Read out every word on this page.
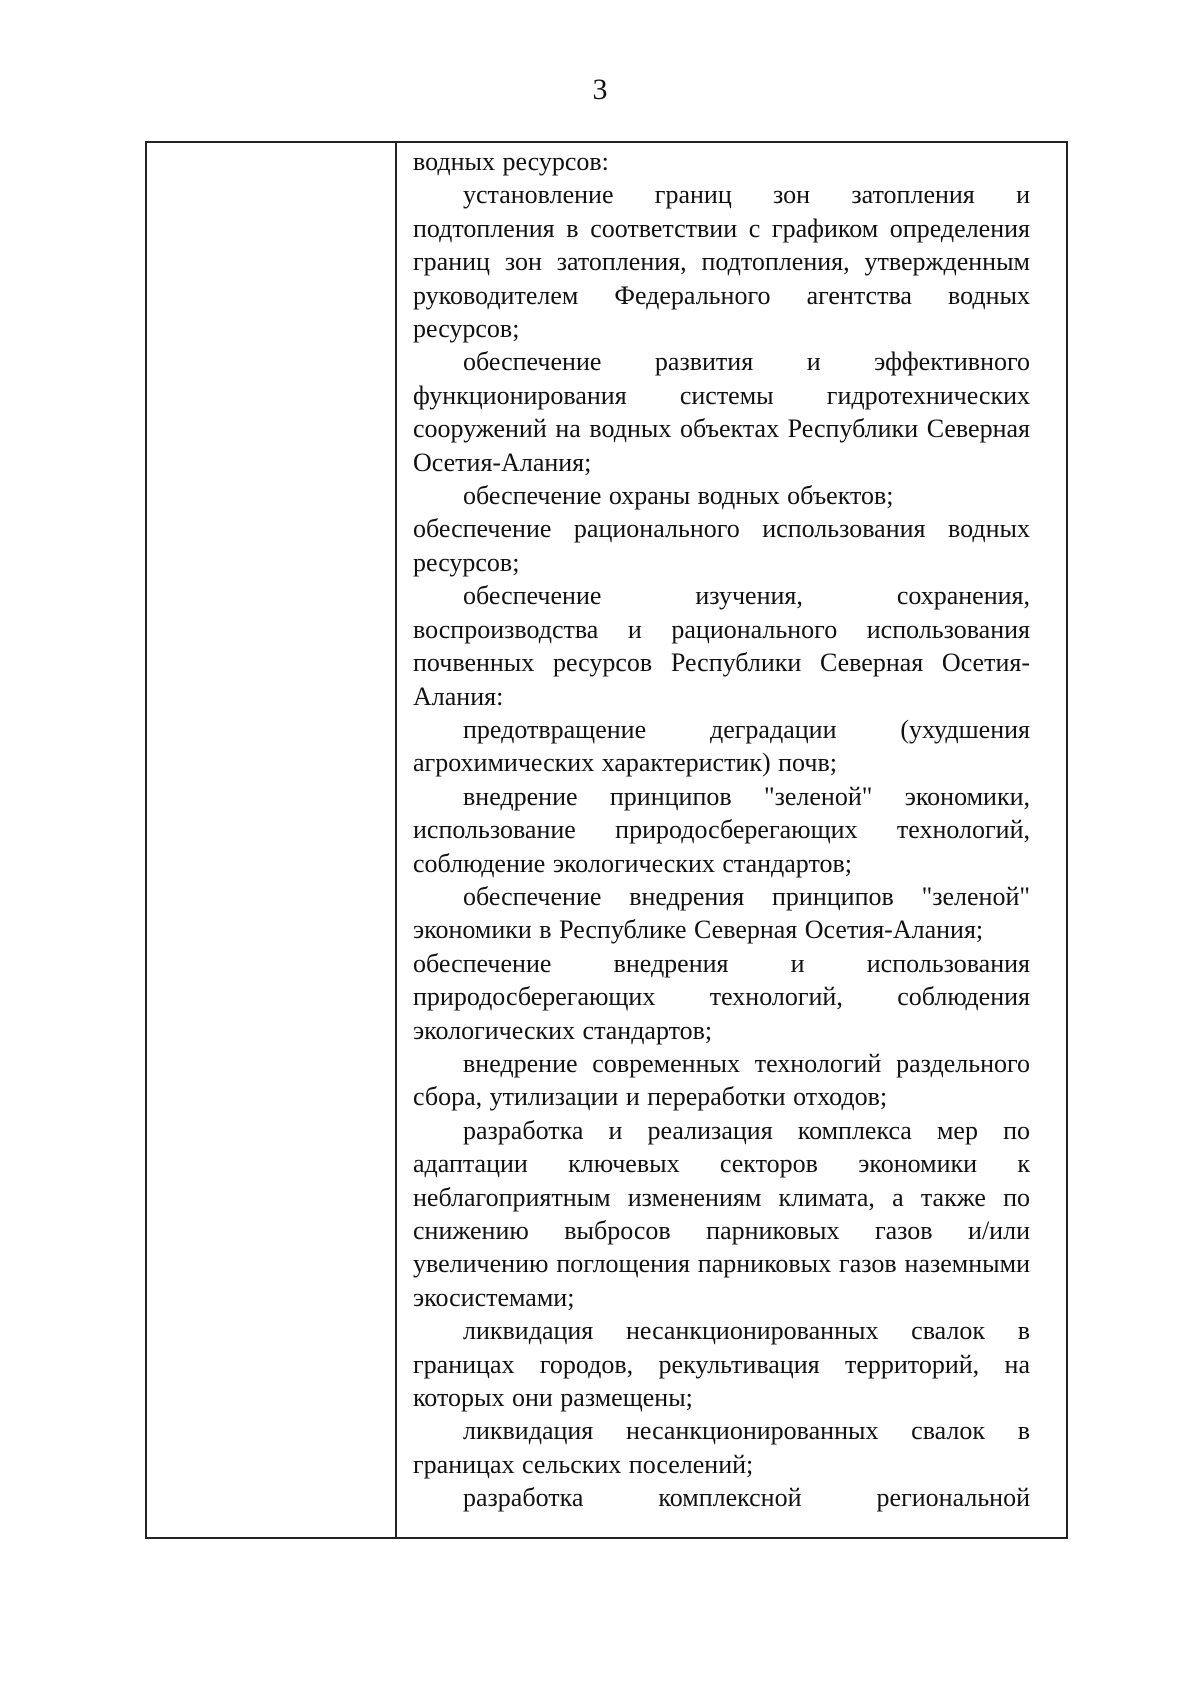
3

водных ресурсов:

установление границ зон затопления и подтопления в соответствии с графиком определения границ зон затопления, подтопления, утвержденным руководителем Федерального агентства водных ресурсов;

обеспечение развития и эффективного функционирования системы гидротехнических сооружений на водных объектах Республики Северная Осетия-Алания;

обеспечение охраны водных объектов;

обеспечение рационального использования водных ресурсов;

обеспечение изучения, сохранения, воспроизводства и рационального использования почвенных ресурсов Республики Северная Осетия-Алания:

предотвращение деградации (ухудшения агрохимических характеристик) почв;

внедрение принципов "зеленой" экономики, использование природосберегающих технологий, соблюдение экологических стандартов;

обеспечение внедрения принципов "зеленой" экономики в Республике Северная Осетия-Алания;

обеспечение внедрения и использования природосберегающих технологий, соблюдения экологических стандартов;

внедрение современных технологий раздельного сбора, утилизации и переработки отходов;

разработка и реализация комплекса мер по адаптации ключевых секторов экономики к неблагоприятным изменениям климата, а также по снижению выбросов парниковых газов и/или увеличению поглощения парниковых газов наземными экосистемами;

ликвидация несанкционированных свалок в границах городов, рекультивация территорий, на которых они размещены;

ликвидация несанкционированных свалок в границах сельских поселений;

разработка комплексной региональной
